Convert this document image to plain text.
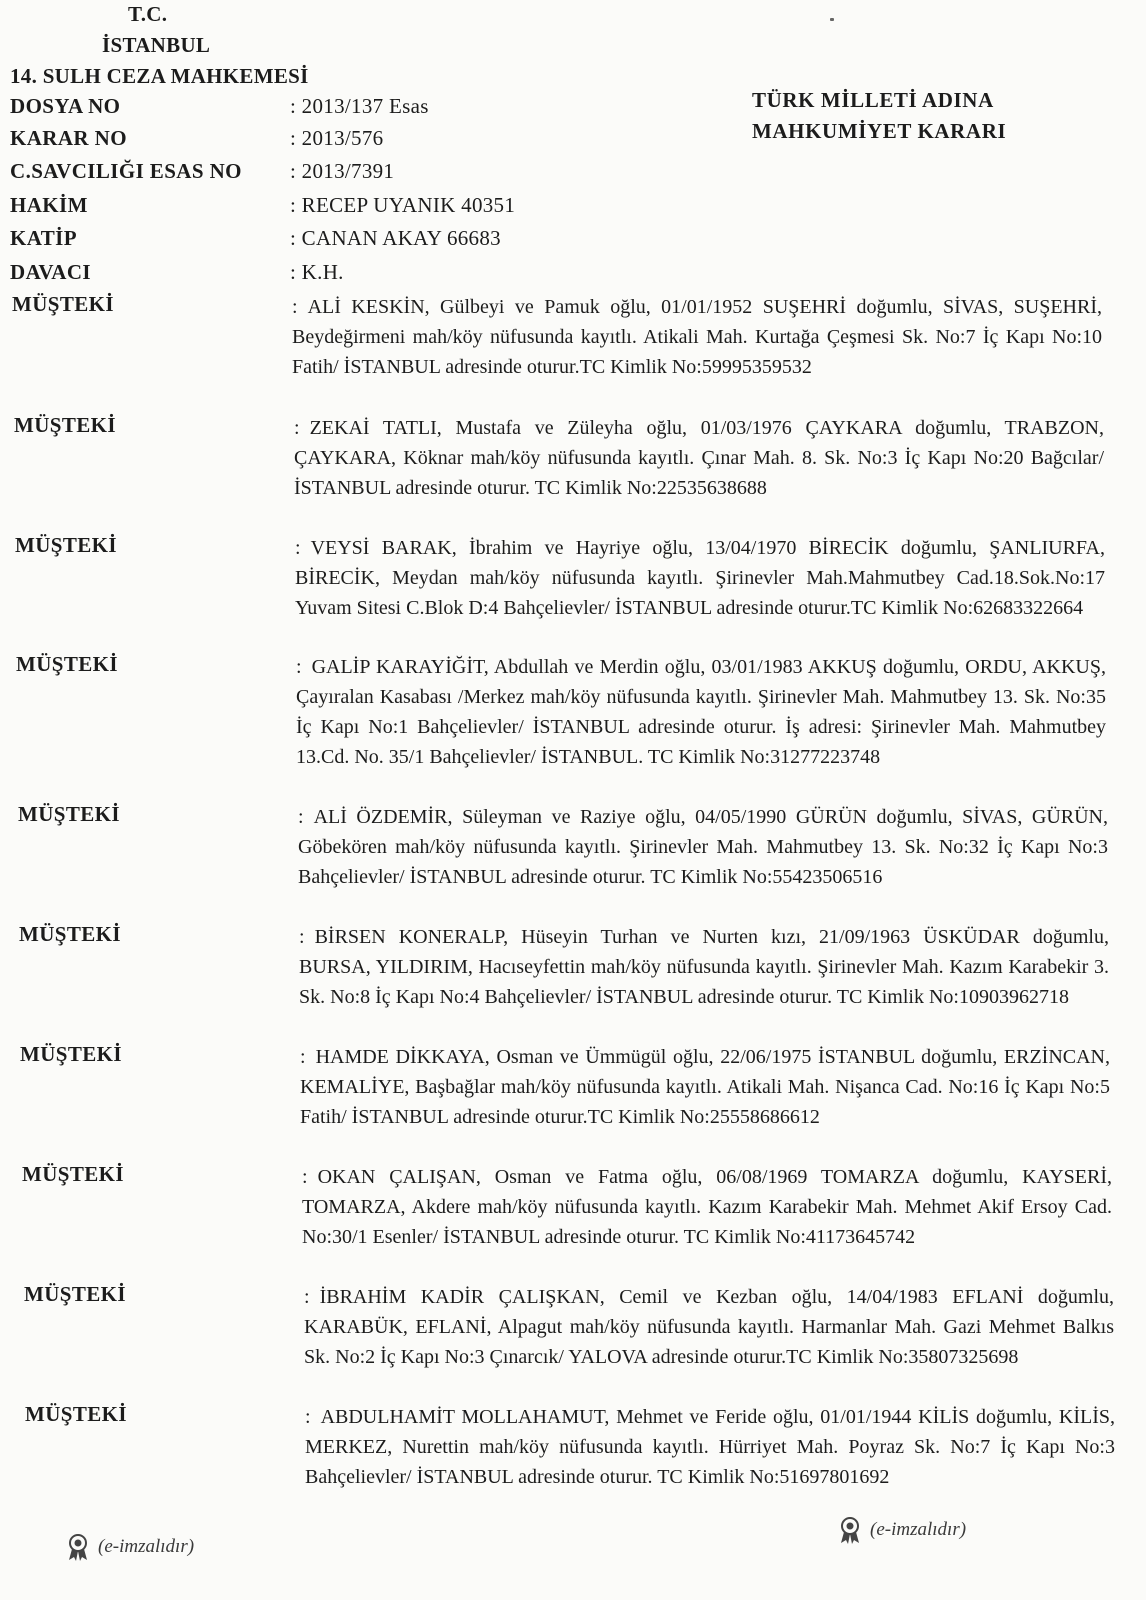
T.C.
İSTANBUL
14. SULH CEZA MAHKEMESİ
TÜRK MİLLETİ ADINA
MAHKUMİYET KARARI
DOSYA NO	: 2013/137 Esas
KARAR NO	: 2013/576
C.SAVCILIĞI ESAS NO : 2013/7391
HAKİM	: RECEP UYANIK 40351
KATİP	: CANAN AKAY 66683
DAVACI	: K.H.
MÜŞTEKİ	: ALİ KESKİN, Gülbeyi ve Pamuk oğlu, 01/01/1952 SUŞEHRİ doğumlu, SİVAS, SUŞEHRİ, Beydeğirmeni mah/köy nüfusunda kayıtlı. Atikali Mah. Kurtağa Çeşmesi Sk. No:7 İç Kapı No:10 Fatih/ İSTANBUL adresinde oturur.TC Kimlik No:59995359532
MÜŞTEKİ	: ZEKAİ TATLI, Mustafa ve Züleyha oğlu, 01/03/1976 ÇAYKARA doğumlu, TRABZON, ÇAYKARA, Köknar mah/köy nüfusunda kayıtlı. Çınar Mah. 8. Sk. No:3 İç Kapı No:20 Bağcılar/ İSTANBUL adresinde oturur. TC Kimlik No:22535638688
MÜŞTEKİ	: VEYSİ BARAK, İbrahim ve Hayriye oğlu, 13/04/1970 BİRECİK doğumlu, ŞANLIURFA, BİRECİK, Meydan mah/köy nüfusunda kayıtlı. Şirinevler Mah.Mahmutbey Cad.18.Sok.No:17 Yuvam Sitesi C.Blok D:4 Bahçelievler/ İSTANBUL adresinde oturur.TC Kimlik No:62683322664
MÜŞTEKİ	: GALİP KARAYİĞİT, Abdullah ve Merdin oğlu, 03/01/1983 AKKUŞ doğumlu, ORDU, AKKUŞ, Çayıralan Kasabası /Merkez mah/köy nüfusunda kayıtlı. Şirinevler Mah. Mahmutbey 13. Sk. No:35 İç Kapı No:1 Bahçelievler/ İSTANBUL adresinde oturur. İş adresi: Şirinevler Mah. Mahmutbey 13.Cd. No. 35/1 Bahçelievler/ İSTANBUL. TC Kimlik No:31277223748
MÜŞTEKİ	: ALİ ÖZDEMİR, Süleyman ve Raziye oğlu, 04/05/1990 GÜRÜN doğumlu, SİVAS, GÜRÜN, Göbekören mah/köy nüfusunda kayıtlı. Şirinevler Mah. Mahmutbey 13. Sk. No:32 İç Kapı No:3 Bahçelievler/ İSTANBUL adresinde oturur. TC Kimlik No:55423506516
MÜŞTEKİ	: BİRSEN KONERALP, Hüseyin Turhan ve Nurten kızı, 21/09/1963 ÜSKÜDAR doğumlu, BURSA, YILDIRIM, Hacıseyfettin mah/köy nüfusunda kayıtlı. Şirinevler Mah. Kazım Karabekir 3. Sk. No:8 İç Kapı No:4 Bahçelievler/ İSTANBUL adresinde oturur. TC Kimlik No:10903962718
MÜŞTEKİ	: HAMDE DİKKAYA, Osman ve Ümmügül oğlu, 22/06/1975 İSTANBUL doğumlu, ERZİNCAN, KEMALİYE, Başbağlar mah/köy nüfusunda kayıtlı. Atikali Mah. Nişanca Cad. No:16 İç Kapı No:5 Fatih/ İSTANBUL adresinde oturur.TC Kimlik No:25558686612
MÜŞTEKİ	: OKAN ÇALIŞAN, Osman ve Fatma oğlu, 06/08/1969 TOMARZA doğumlu, KAYSERİ, TOMARZA, Akdere mah/köy nüfusunda kayıtlı. Kazım Karabekir Mah. Mehmet Akif Ersoy Cad. No:30/1 Esenler/ İSTANBUL adresinde oturur. TC Kimlik No:41173645742
MÜŞTEKİ	: İBRAHİM KADİR ÇALIŞKAN, Cemil ve Kezban oğlu, 14/04/1983 EFLANİ doğumlu, KARABÜK, EFLANİ, Alpagut mah/köy nüfusunda kayıtlı. Harmanlar Mah. Gazi Mehmet Balkıs Sk. No:2 İç Kapı No:3 Çınarcık/ YALOVA adresinde oturur.TC Kimlik No:35807325698
MÜŞTEKİ	: ABDULHAMİT MOLLAHAMUT, Mehmet ve Feride oğlu, 01/01/1944 KİLİS doğumlu, KİLİS, MERKEZ, Nurettin mah/köy nüfusunda kayıtlı. Hürriyet Mah. Poyraz Sk. No:7 İç Kapı No:3 Bahçelievler/ İSTANBUL adresinde oturur. TC Kimlik No:51697801692
(e-imzalıdır)
(e-imzalıdır)
